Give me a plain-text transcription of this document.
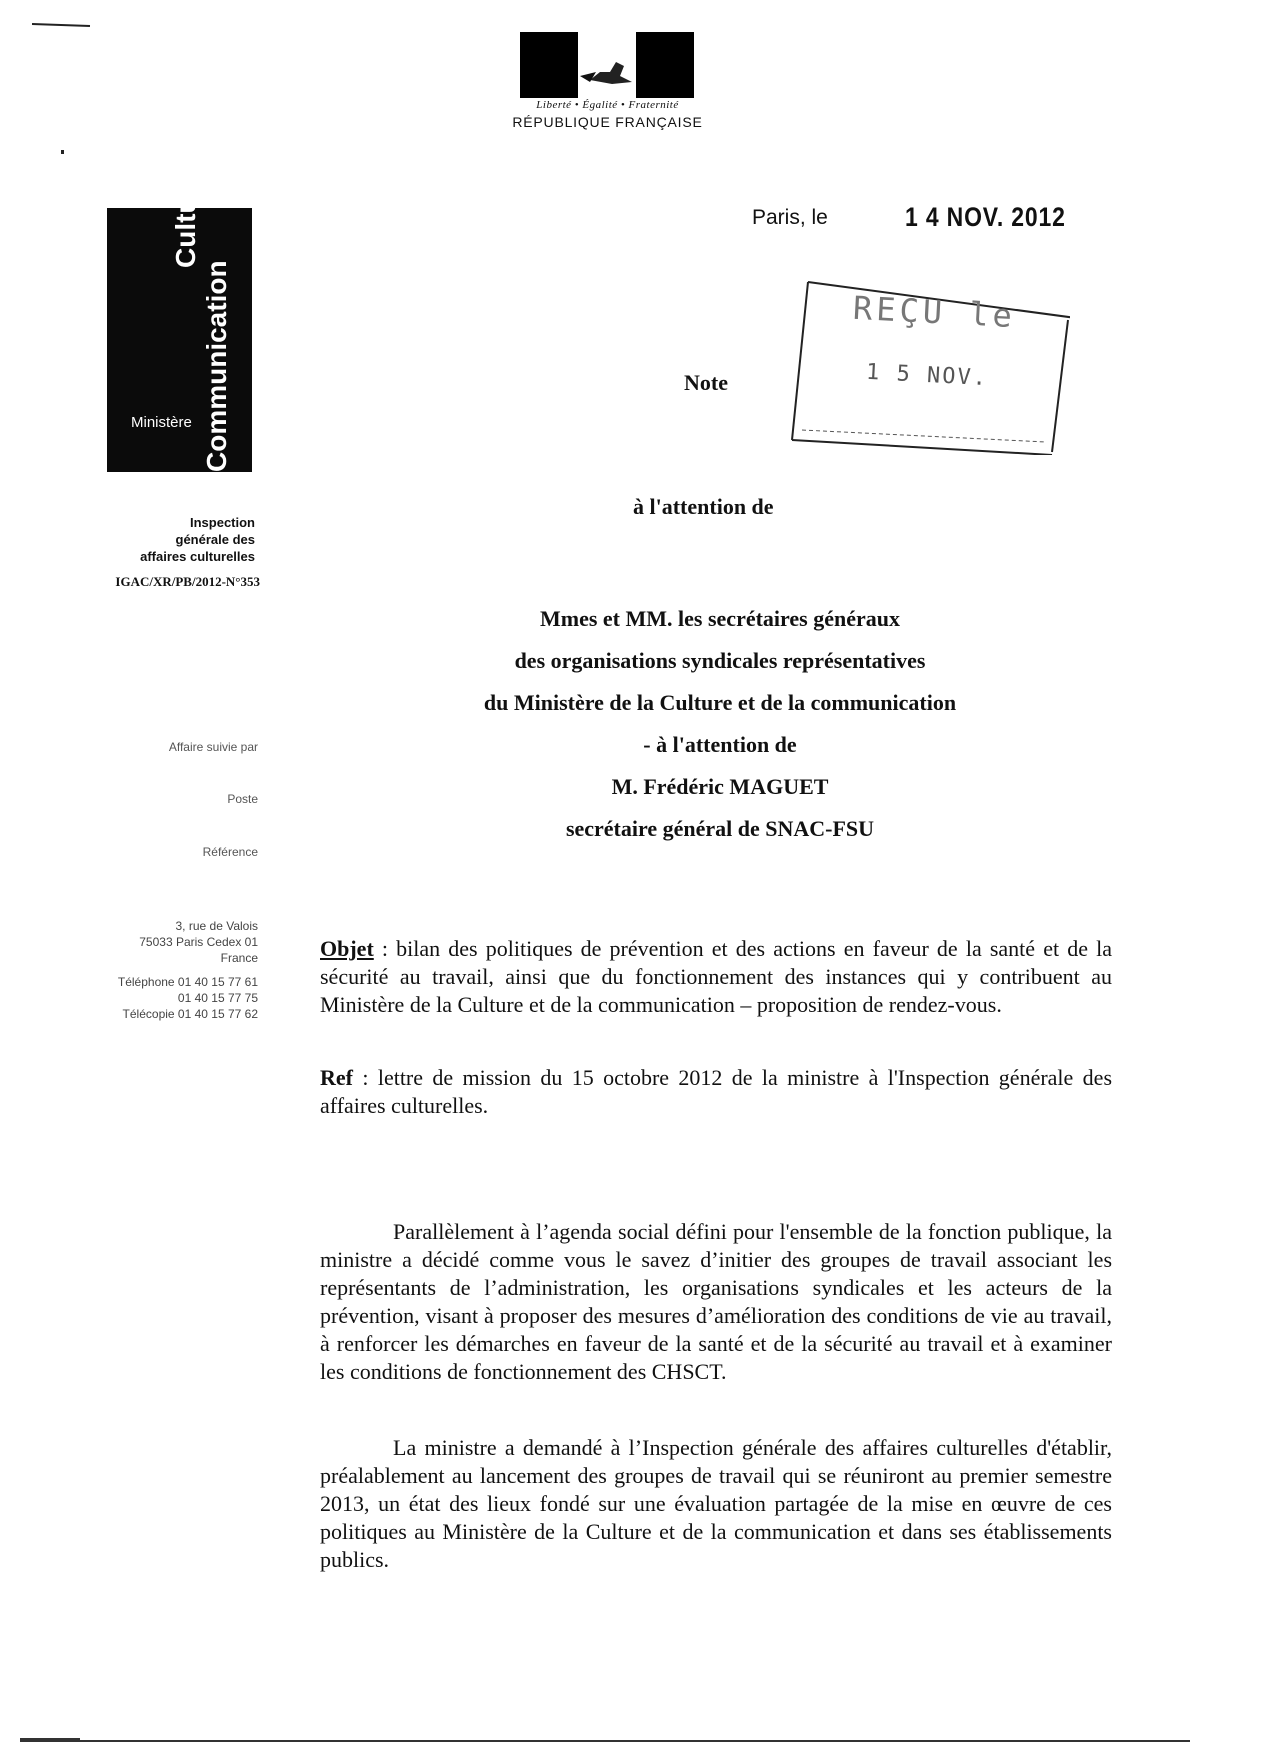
Liberté • Égalité • Fraternité
RÉPUBLIQUE FRANÇAISE
Culture
Communication
Ministère
Inspection
générale des
affaires culturelles
IGAC/XR/PB/2012-N°353
Affaire suivie par
Poste
Référence
3, rue de Valois
75033 Paris Cedex 01
France
Téléphone 01 40 15 77 61
01 40 15 77 75
Télécopie 01 40 15 77 62
Paris, le	1 4 NOV. 2012
REÇU le
1 5 NOV.
Note
à l'attention de
Mmes et MM. les secrétaires généraux
des organisations syndicales représentatives
du Ministère de la Culture et de la communication
- à l'attention de
M. Frédéric MAGUET
secrétaire général de SNAC-FSU
Objet : bilan des politiques de prévention et des actions en faveur de la santé et de la sécurité au travail, ainsi que du fonctionnement des instances qui y contribuent au Ministère de la Culture et de la communication – proposition de rendez-vous.
Ref : lettre de mission du 15 octobre 2012 de la ministre à l'Inspection générale des affaires culturelles.
Parallèlement à l’agenda social défini pour l'ensemble de la fonction publique, la ministre a décidé comme vous le savez d’initier des groupes de travail associant les représentants de l’administration, les organisations syndicales et les acteurs de la prévention, visant à proposer des mesures d’amélioration des conditions de vie au travail, à renforcer les démarches en faveur de la santé et de la sécurité au travail et à examiner les conditions de fonctionnement des CHSCT.
La ministre a demandé à l’Inspection générale des affaires culturelles d'établir, préalablement au lancement des groupes de travail qui se réuniront au premier semestre 2013, un état des lieux fondé sur une évaluation partagée de la mise en œuvre de ces politiques au Ministère de la Culture et de la communication et dans ses établissements publics.
